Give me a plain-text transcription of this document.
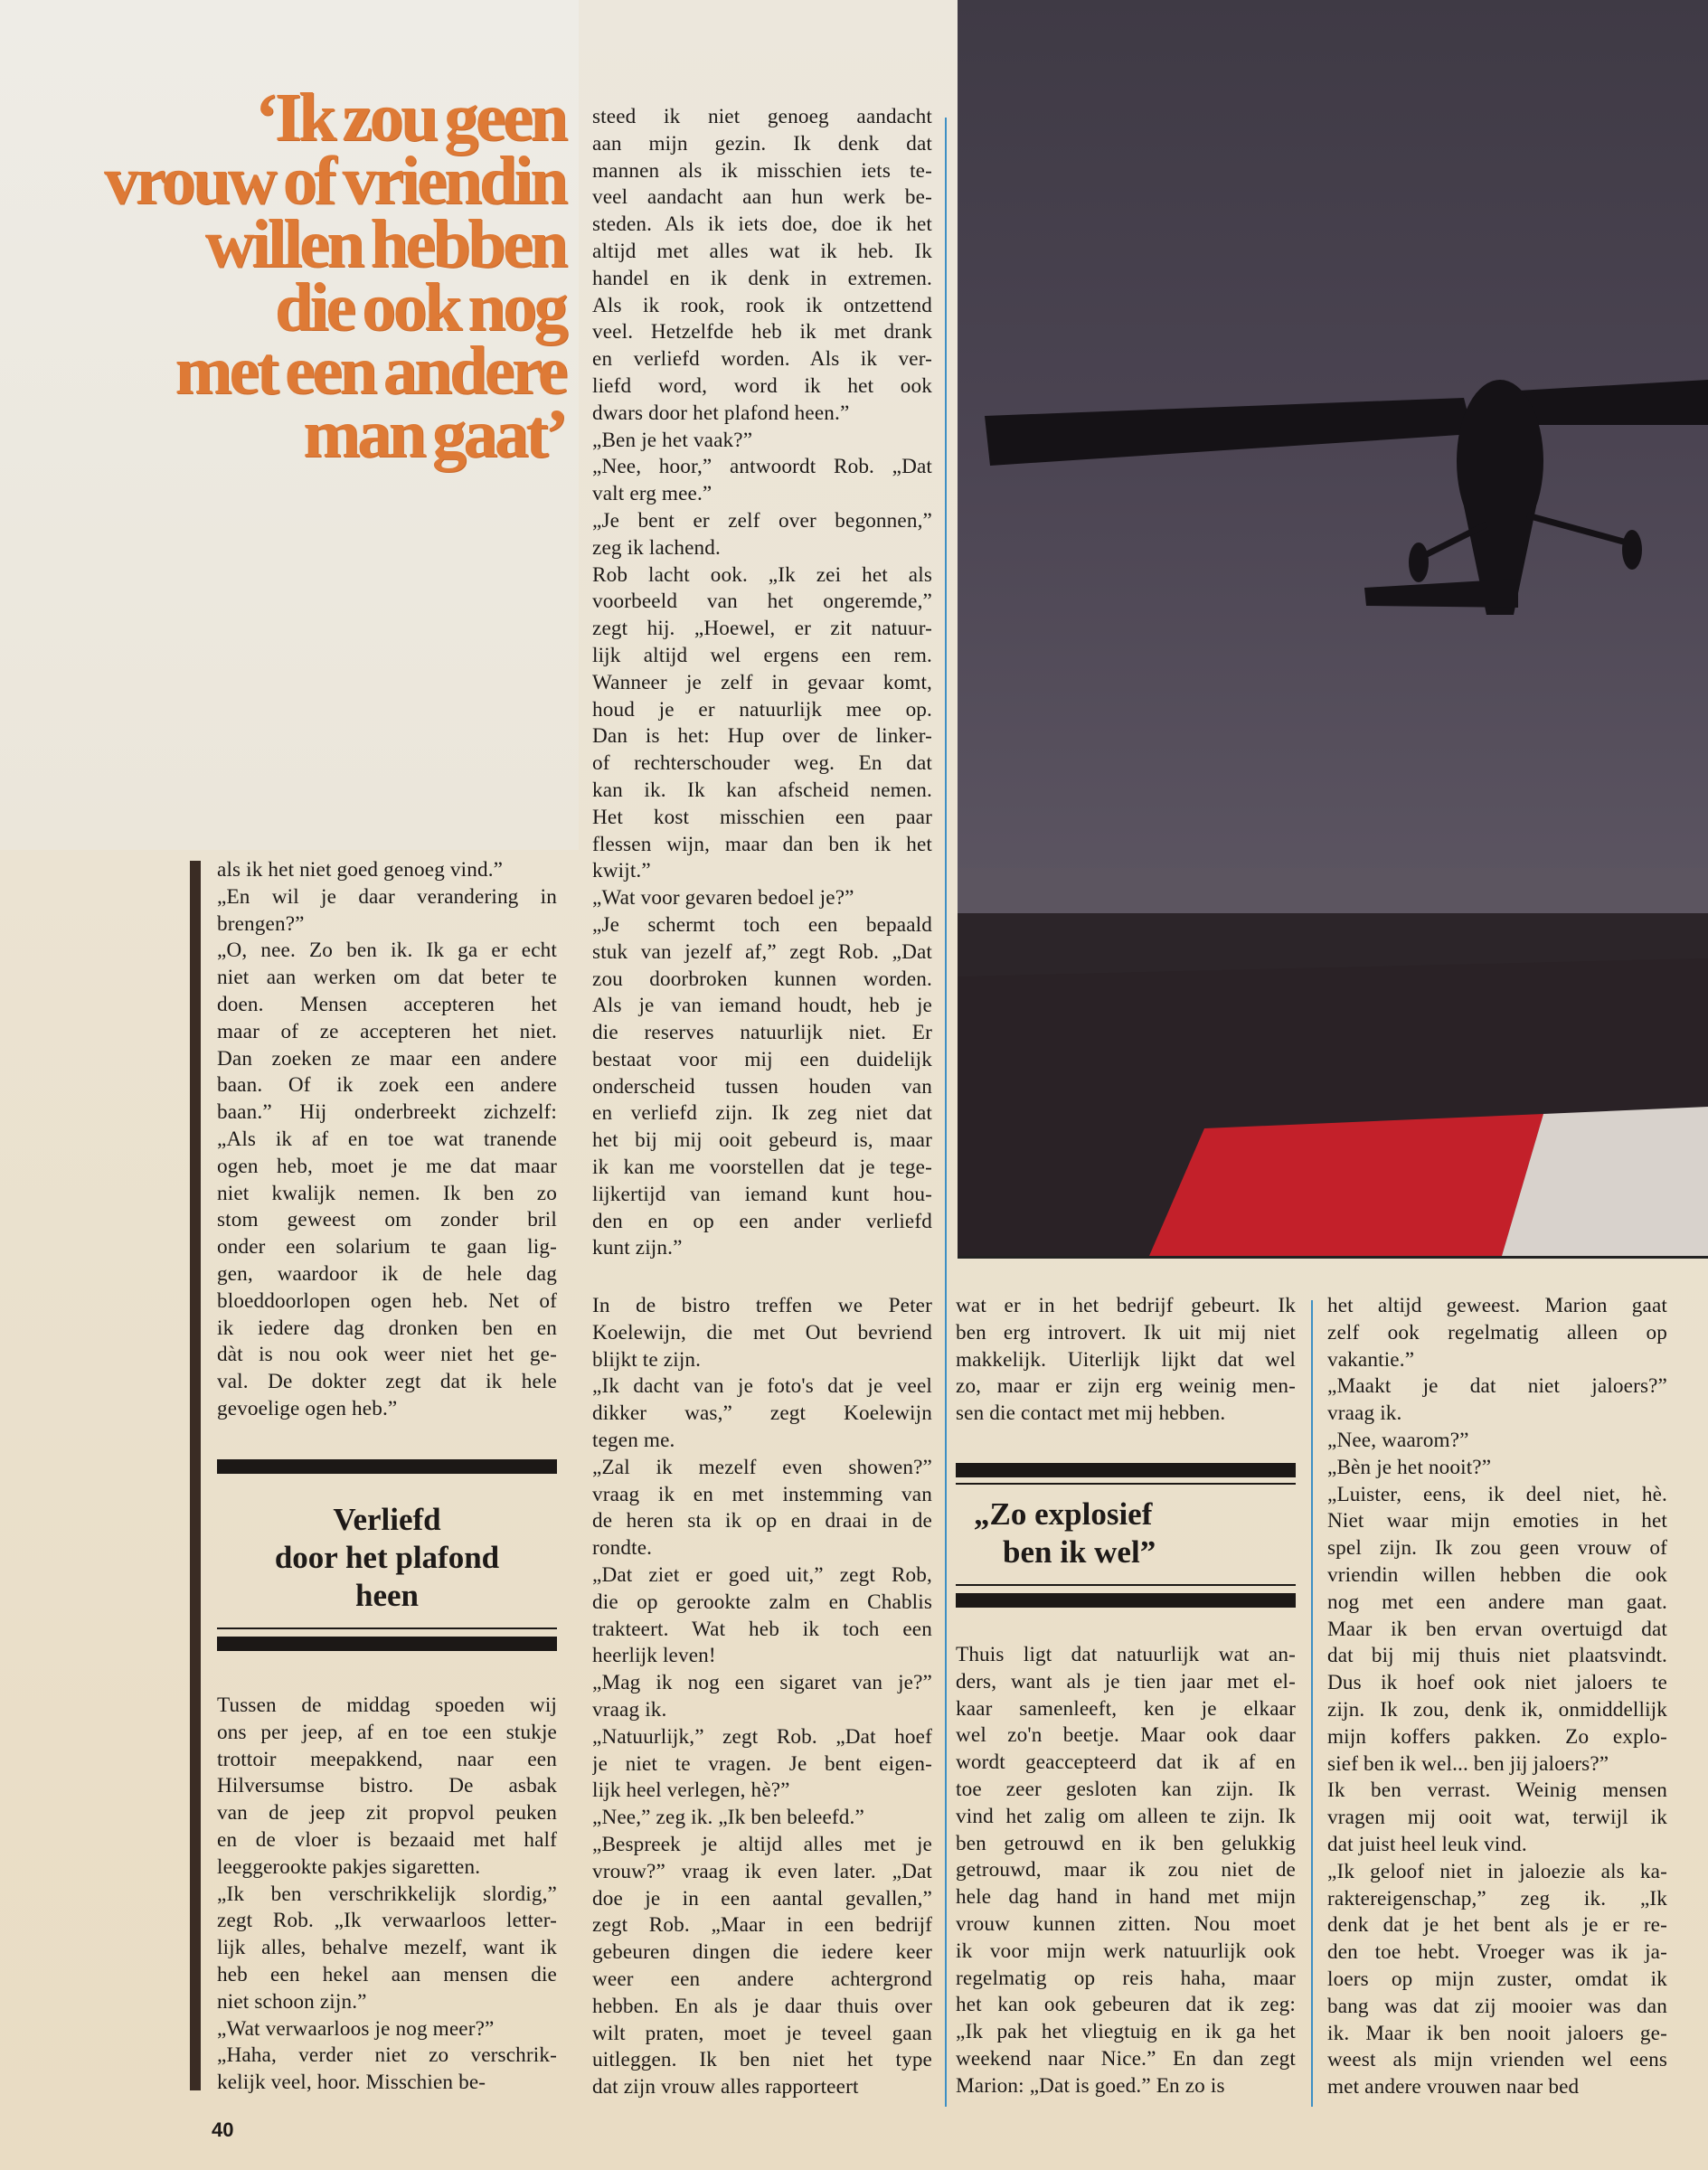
‘Ik zou geen
vrouw of vriendin
willen hebben
die ook nog
met een andere
man gaat’
als ik het niet goed genoeg vind.”
„En wil je daar verandering in
brengen?”
„O, nee. Zo ben ik. Ik ga er echt
niet aan werken om dat beter te
doen. Mensen accepteren het
maar of ze accepteren het niet.
Dan zoeken ze maar een andere
baan. Of ik zoek een andere
baan.” Hij onderbreekt zichzelf:
„Als ik af en toe wat tranende
ogen heb, moet je me dat maar
niet kwalijk nemen. Ik ben zo
stom geweest om zonder bril
onder een solarium te gaan lig-
gen, waardoor ik de hele dag
bloeddoorlopen ogen heb. Net of
ik iedere dag dronken ben en
dàt is nou ook weer niet het ge-
val. De dokter zegt dat ik hele
gevoelige ogen heb.”
Verliefd
door het plafond
heen
Tussen de middag spoeden wij
ons per jeep, af en toe een stukje
trottoir meepakkend, naar een
Hilversumse bistro. De asbak
van de jeep zit propvol peuken
en de vloer is bezaaid met half
leeggerookte pakjes sigaretten.
„Ik ben verschrikkelijk slordig,”
zegt Rob. „Ik verwaarloos letter-
lijk alles, behalve mezelf, want ik
heb een hekel aan mensen die
niet schoon zijn.”
„Wat verwaarloos je nog meer?”
„Haha, verder niet zo verschrik-
kelijk veel, hoor. Misschien be-
steed ik niet genoeg aandacht
aan mijn gezin. Ik denk dat
mannen als ik misschien iets te-
veel aandacht aan hun werk be-
steden. Als ik iets doe, doe ik het
altijd met alles wat ik heb. Ik
handel en ik denk in extremen.
Als ik rook, rook ik ontzettend
veel. Hetzelfde heb ik met drank
en verliefd worden. Als ik ver-
liefd word, word ik het ook
dwars door het plafond heen.”
„Ben je het vaak?”
„Nee, hoor,” antwoordt Rob. „Dat
valt erg mee.”
„Je bent er zelf over begonnen,”
zeg ik lachend.
Rob lacht ook. „Ik zei het als
voorbeeld van het ongeremde,”
zegt hij. „Hoewel, er zit natuur-
lijk altijd wel ergens een rem.
Wanneer je zelf in gevaar komt,
houd je er natuurlijk mee op.
Dan is het: Hup over de linker-
of rechterschouder weg. En dat
kan ik. Ik kan afscheid nemen.
Het kost misschien een paar
flessen wijn, maar dan ben ik het
kwijt.”
„Wat voor gevaren bedoel je?”
„Je schermt toch een bepaald
stuk van jezelf af,” zegt Rob. „Dat
zou doorbroken kunnen worden.
Als je van iemand houdt, heb je
die reserves natuurlijk niet. Er
bestaat voor mij een duidelijk
onderscheid tussen houden van
en verliefd zijn. Ik zeg niet dat
het bij mij ooit gebeurd is, maar
ik kan me voorstellen dat je tege-
lijkertijd van iemand kunt hou-
den en op een ander verliefd
kunt zijn.”
In de bistro treffen we Peter
Koelewijn, die met Out bevriend
blijkt te zijn.
„Ik dacht van je foto's dat je veel
dikker was,” zegt Koelewijn
tegen me.
„Zal ik mezelf even showen?”
vraag ik en met instemming van
de heren sta ik op en draai in de
rondte.
„Dat ziet er goed uit,” zegt Rob,
die op gerookte zalm en Chablis
trakteert. Wat heb ik toch een
heerlijk leven!
„Mag ik nog een sigaret van je?”
vraag ik.
„Natuurlijk,” zegt Rob. „Dat hoef
je niet te vragen. Je bent eigen-
lijk heel verlegen, hè?”
„Nee,” zeg ik. „Ik ben beleefd.”
„Bespreek je altijd alles met je
vrouw?” vraag ik even later. „Dat
doe je in een aantal gevallen,”
zegt Rob. „Maar in een bedrijf
gebeuren dingen die iedere keer
weer een andere achtergrond
hebben. En als je daar thuis over
wilt praten, moet je teveel gaan
uitleggen. Ik ben niet het type
dat zijn vrouw alles rapporteert
wat er in het bedrijf gebeurt. Ik
ben erg introvert. Ik uit mij niet
makkelijk. Uiterlijk lijkt dat wel
zo, maar er zijn erg weinig men-
sen die contact met mij hebben.
„Zo explosief
ben ik wel”
Thuis ligt dat natuurlijk wat an-
ders, want als je tien jaar met el-
kaar samenleeft, ken je elkaar
wel zo'n beetje. Maar ook daar
wordt geaccepteerd dat ik af en
toe zeer gesloten kan zijn. Ik
vind het zalig om alleen te zijn. Ik
ben getrouwd en ik ben gelukkig
getrouwd, maar ik zou niet de
hele dag hand in hand met mijn
vrouw kunnen zitten. Nou moet
ik voor mijn werk natuurlijk ook
regelmatig op reis haha, maar
het kan ook gebeuren dat ik zeg:
„Ik pak het vliegtuig en ik ga het
weekend naar Nice.” En dan zegt
Marion: „Dat is goed.” En zo is
het altijd geweest. Marion gaat
zelf ook regelmatig alleen op
vakantie.”
„Maakt je dat niet jaloers?”
vraag ik.
„Nee, waarom?”
„Bèn je het nooit?”
„Luister, eens, ik deel niet, hè.
Niet waar mijn emoties in het
spel zijn. Ik zou geen vrouw of
vriendin willen hebben die ook
nog met een andere man gaat.
Maar ik ben ervan overtuigd dat
dat bij mij thuis niet plaatsvindt.
Dus ik hoef ook niet jaloers te
zijn. Ik zou, denk ik, onmiddellijk
mijn koffers pakken. Zo explo-
sief ben ik wel... ben jij jaloers?”
Ik ben verrast. Weinig mensen
vragen mij ooit wat, terwijl ik
dat juist heel leuk vind.
„Ik geloof niet in jaloezie als ka-
raktereigenschap,” zeg ik. „Ik
denk dat je het bent als je er re-
den toe hebt. Vroeger was ik ja-
loers op mijn zuster, omdat ik
bang was dat zij mooier was dan
ik. Maar ik ben nooit jaloers ge-
weest als mijn vrienden wel eens
met andere vrouwen naar bed
40
